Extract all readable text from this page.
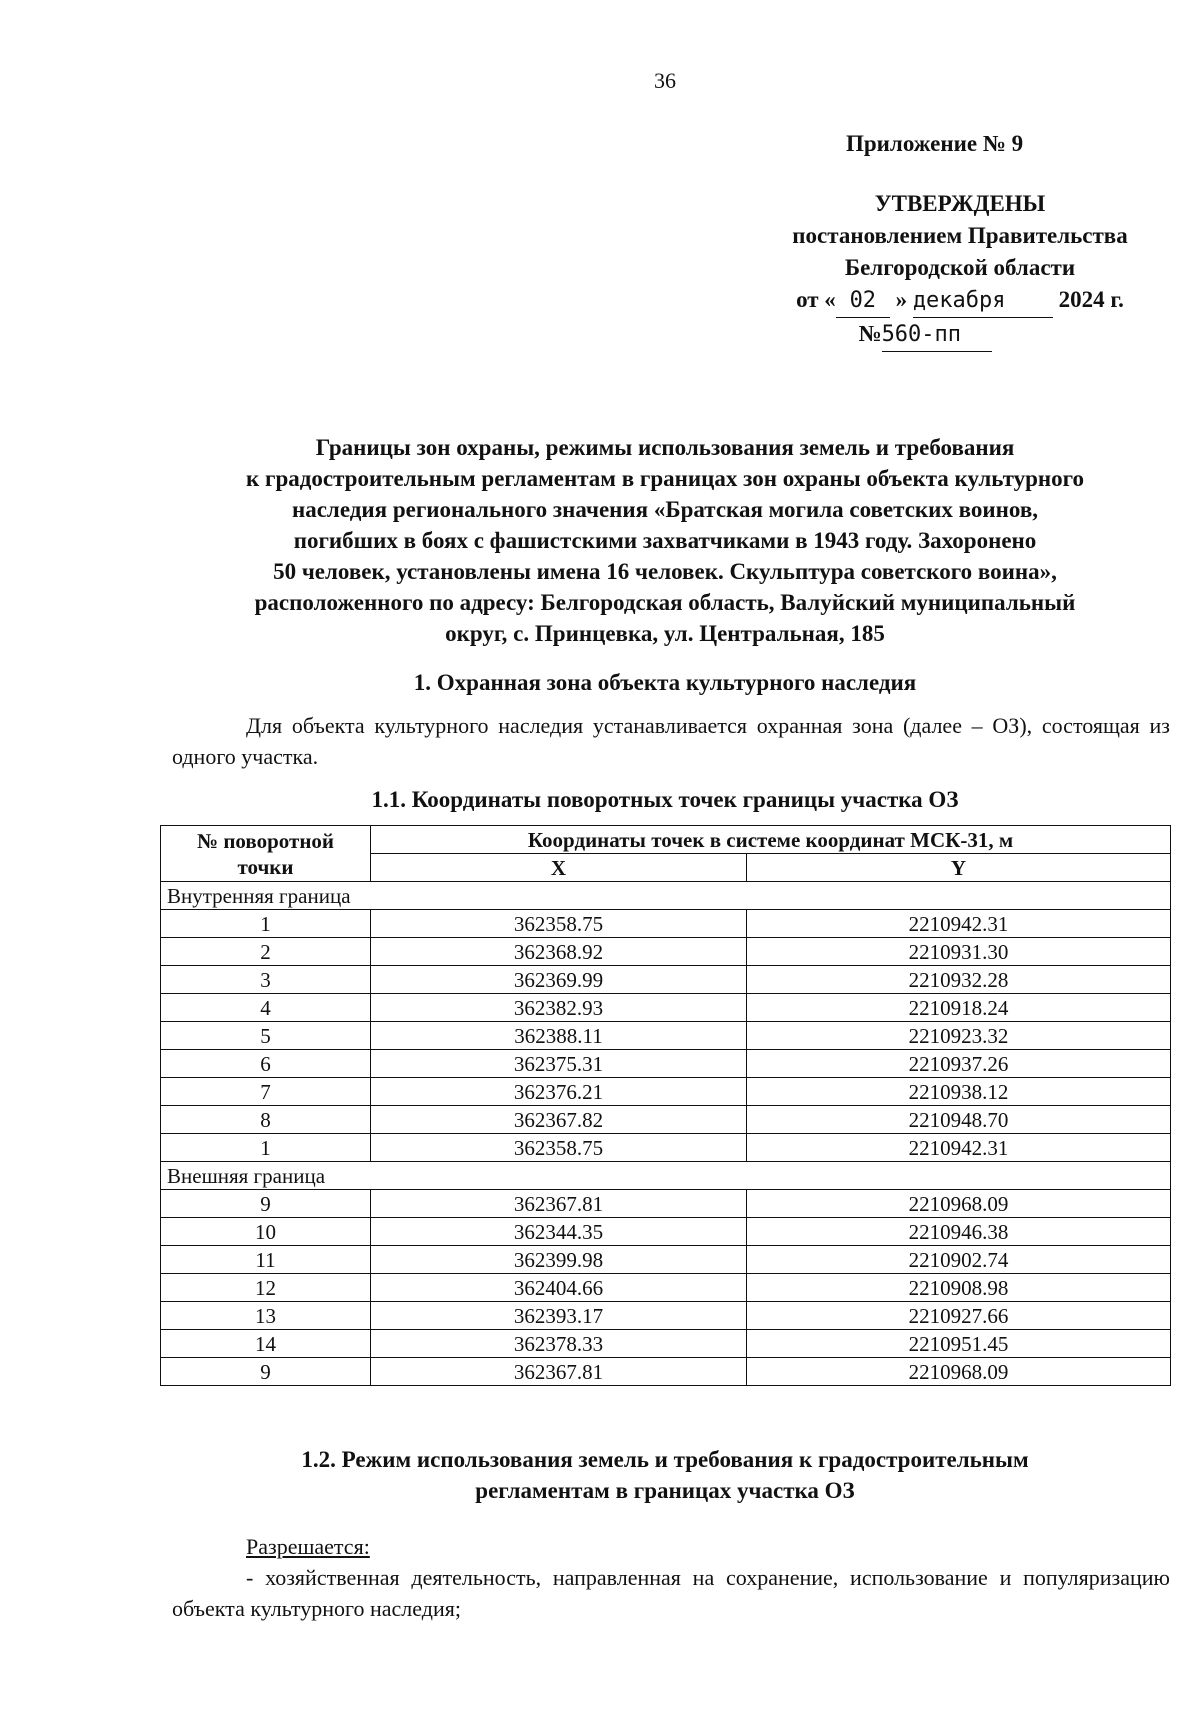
36
Приложение № 9
УТВЕРЖДЕНЫ
постановлением Правительства
Белгородской области
от « 02 » декабря 2024 г.
№560-пп
Границы зон охраны, режимы использования земель и требования
к градостроительным регламентам в границах зон охраны объекта культурного
наследия регионального значения «Братская могила советских воинов,
погибших в боях с фашистскими захватчиками в 1943 году. Захоронено
50 человек, установлены имена 16 человек. Скульптура советского воина»,
расположенного по адресу: Белгородская область, Валуйский муниципальный
округ, с. Принцевка, ул. Центральная, 185
1. Охранная зона объекта культурного наследия
Для объекта культурного наследия устанавливается охранная зона (далее – ОЗ), состоящая из одного участка.
1.1. Координаты поворотных точек границы участка ОЗ
№ поворотной
точки	Координаты точек в системе координат МСК-31, м	
	X	Y
Внутренняя граница		
1	362358.75	2210942.31
2	362368.92	2210931.30
3	362369.99	2210932.28
4	362382.93	2210918.24
5	362388.11	2210923.32
6	362375.31	2210937.26
7	362376.21	2210938.12
8	362367.82	2210948.70
1	362358.75	2210942.31
Внешняя граница		
9	362367.81	2210968.09
10	362344.35	2210946.38
11	362399.98	2210902.74
12	362404.66	2210908.98
13	362393.17	2210927.66
14	362378.33	2210951.45
9	362367.81	2210968.09
1.2. Режим использования земель и требования к градостроительным
регламентам в границах участка ОЗ
Разрешается:
- хозяйственная деятельность, направленная на сохранение, использование и популяризацию объекта культурного наследия;
